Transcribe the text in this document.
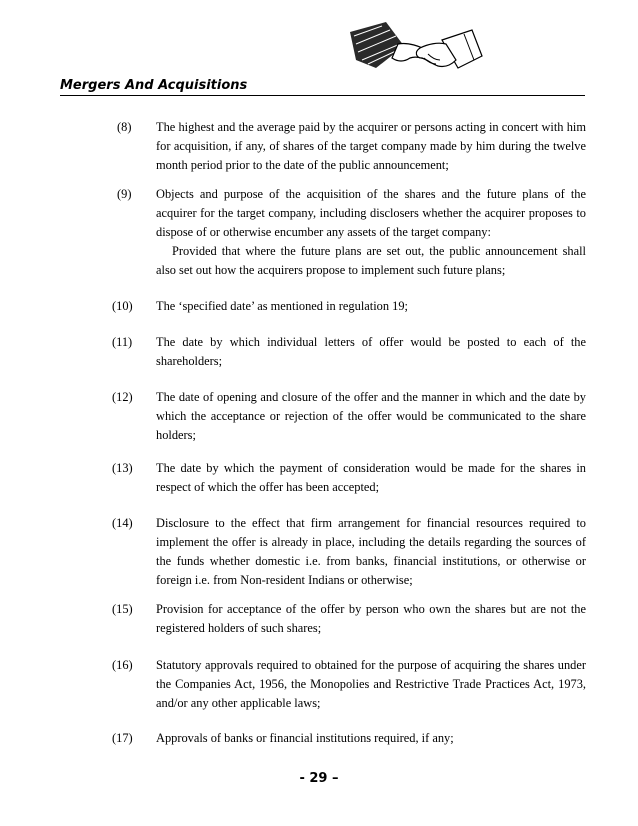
Mergers And Acquisitions
(8) The highest and the average paid by the acquirer or persons acting in concert with him for acquisition, if any, of shares of the target company made by him during the twelve month period prior to the date of the public announcement;

(9) Objects and purpose of the acquisition of the shares and the future plans of the acquirer for the target company, including disclosers whether the acquirer proposes to dispose of or otherwise encumber any assets of the target company:

Provided that where the future plans are set out, the public announcement shall also set out how the acquirers propose to implement such future plans;

(10) The ‘specified date’ as mentioned in regulation 19;

(11) The date by which individual letters of offer would be posted to each of the shareholders;

(12) The date of opening and closure of the offer and the manner in which and the date by which the acceptance or rejection of the offer would be communicated to the share holders;

(13) The date by which the payment of consideration would be made for the shares in respect of which the offer has been accepted;

(14) Disclosure to the effect that firm arrangement for financial resources required to implement the offer is already in place, including the details regarding the sources of the funds whether domestic i.e. from banks, financial institutions, or otherwise or foreign i.e. from Non-resident Indians or otherwise;

(15) Provision for acceptance of the offer by person who own the shares but are not the registered holders of such shares;

(16) Statutory approvals required to obtained for the purpose of acquiring the shares under the Companies Act, 1956, the Monopolies and Restrictive Trade Practices Act, 1973, and/or any other applicable laws;

(17) Approvals of banks or financial institutions required, if any;

- 29 –
